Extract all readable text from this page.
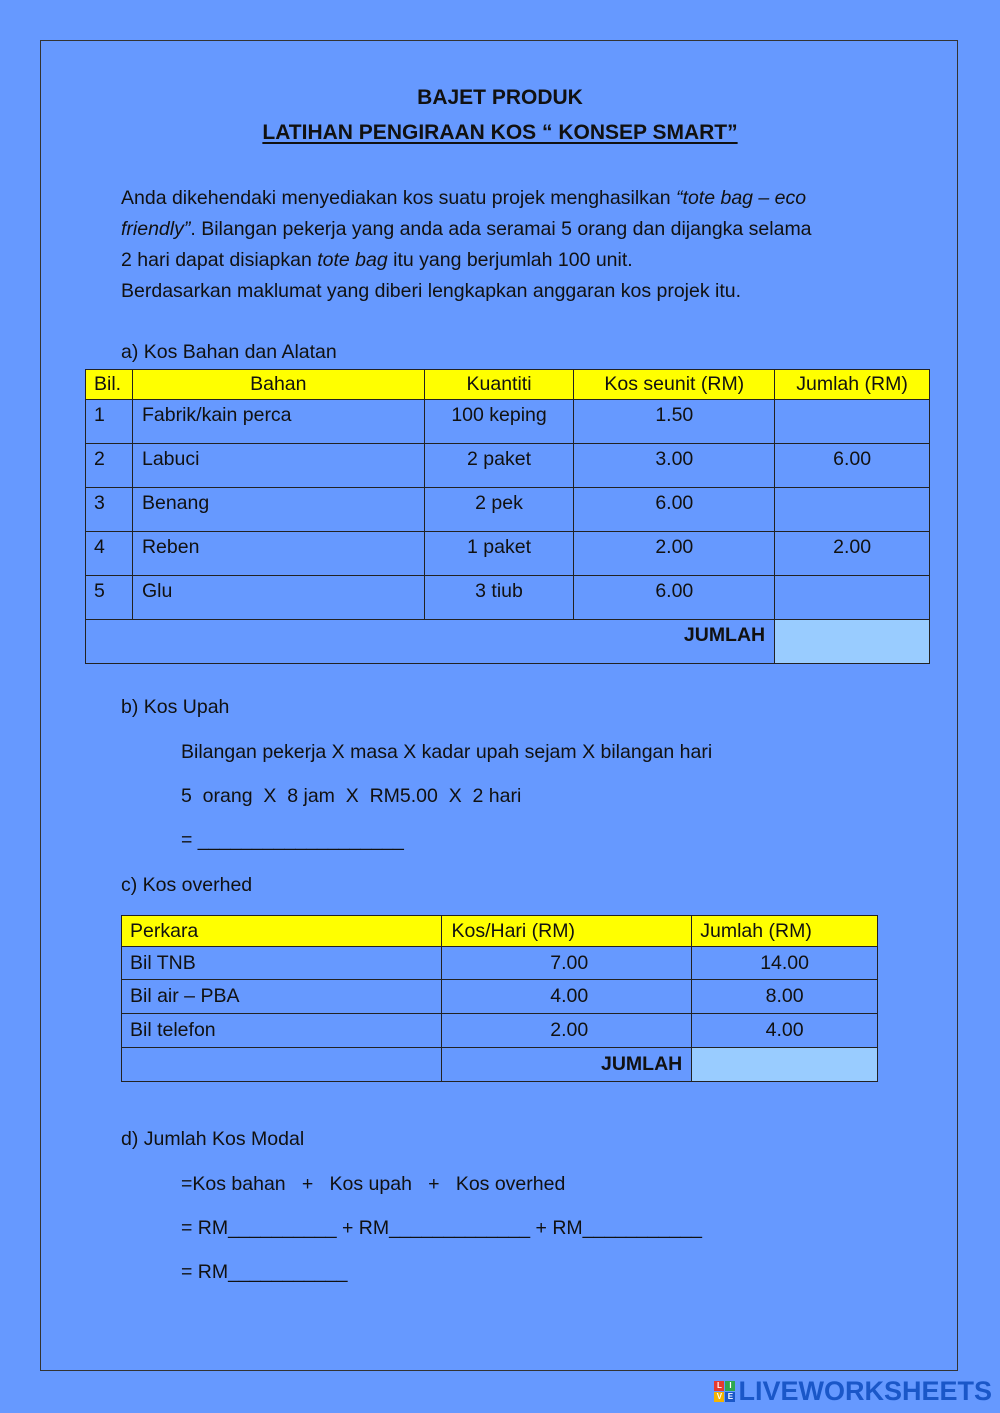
BAJET PRODUK
LATIHAN PENGIRAAN KOS “ KONSEP SMART”
Anda dikehendaki menyediakan kos suatu projek menghasilkan “tote bag – eco
friendly”. Bilangan pekerja yang anda ada seramai 5 orang dan dijangka selama
2 hari dapat disiapkan tote bag itu yang berjumlah 100 unit.
Berdasarkan maklumat yang diberi lengkapkan anggaran kos projek itu.
a) Kos Bahan dan Alatan
Bil.	Bahan	Kuantiti	Kos seunit (RM)	Jumlah (RM)
1	Fabrik/kain perca	100 keping	1.50	
2	Labuci	2 paket	3.00	6.00
3	Benang	2 pek	6.00	
4	Reben	1 paket	2.00	2.00
5	Glu	3 tiub	6.00	
JUMLAH				
b) Kos Upah
Bilangan pekerja X masa X kadar upah sejam X bilangan hari
5  orang  X  8 jam  X  RM5.00  X  2 hari
= ___________________
c) Kos overhed
Perkara	Kos/Hari (RM)	Jumlah (RM)
Bil TNB	7.00	14.00
Bil air – PBA	4.00	8.00
Bil telefon	2.00	4.00
	JUMLAH	
d) Jumlah Kos Modal
=Kos bahan   +   Kos upah   +   Kos overhed
= RM__________ + RM_____________ + RM___________
= RM___________
L I
V E LIVEWORKSHEETS
